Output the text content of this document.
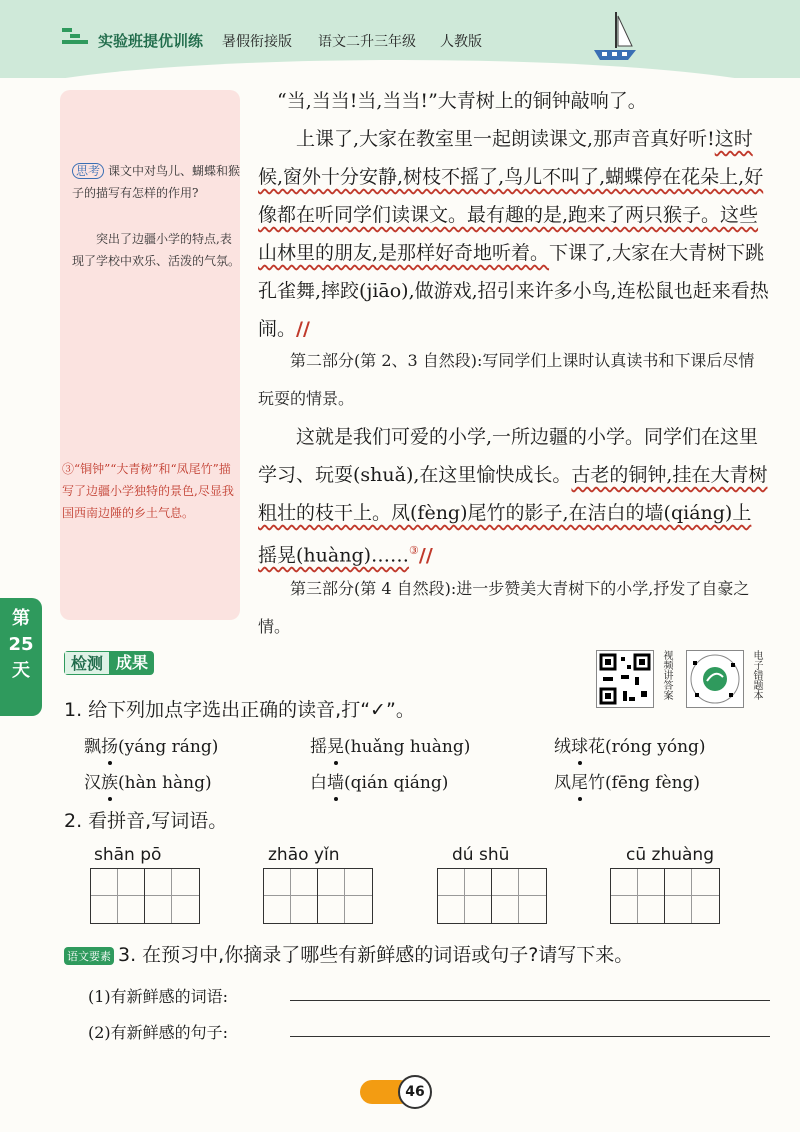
实验班提优训练 暑假衔接版 语文二升三年级 人教版
思考 课文中对鸟儿、蝴蝶和猴子的描写有怎样的作用?
突出了边疆小学的特点,表现了学校中欢乐、活泼的气氛。
③“铜钟”“大青树”和“凤尾竹”描写了边疆小学独特的景色,尽显我国西南边陲的乡土气息。
“当,当当!当,当当!”大青树上的铜钟敲响了。
上课了,大家在教室里一起朗读课文,那声音真好听!这时候,窗外十分安静,树枝不摇了,鸟儿不叫了,蝴蝶停在花朵上,好像都在听同学们读课文。最有趣的是,跑来了两只猴子。这些山林里的朋友,是那样好奇地听着。下课了,大家在大青树下跳孔雀舞,摔跤(jiāo),做游戏,招引来许多小鸟,连松鼠也赶来看热闹。//
第二部分(第 2、3 自然段):写同学们上课时认真读书和下课后尽情玩耍的情景。
这就是我们可爱的小学,一所边疆的小学。同学们在这里学习、玩耍(shuǎ),在这里愉快成长。古老的铜钟,挂在大青树粗壮的枝干上。凤(fèng)尾竹的影子,在洁白的墙(qiáng)上摇晃(huàng)……③//
第三部分(第 4 自然段):进一步赞美大青树下的小学,抒发了自豪之情。
第
25
天	检测 成果	视频讲答案	电子错题本
1. 给下列加点字选出正确的读音,打“✓”。
飘扬(yáng ráng)	摇晃(huǎng huàng)	绒球花(róng yóng)
汉族(hàn hàng)	白墙(qián qiáng)	凤尾竹(fēng fèng)
2. 看拼音,写词语。
shān pō	zhāo yǐn	dú shū	cū zhuàng
语文要素 3. 在预习中,你摘录了哪些有新鲜感的词语或句子?请写下来。
(1)有新鲜感的词语:
(2)有新鲜感的句子:
46
